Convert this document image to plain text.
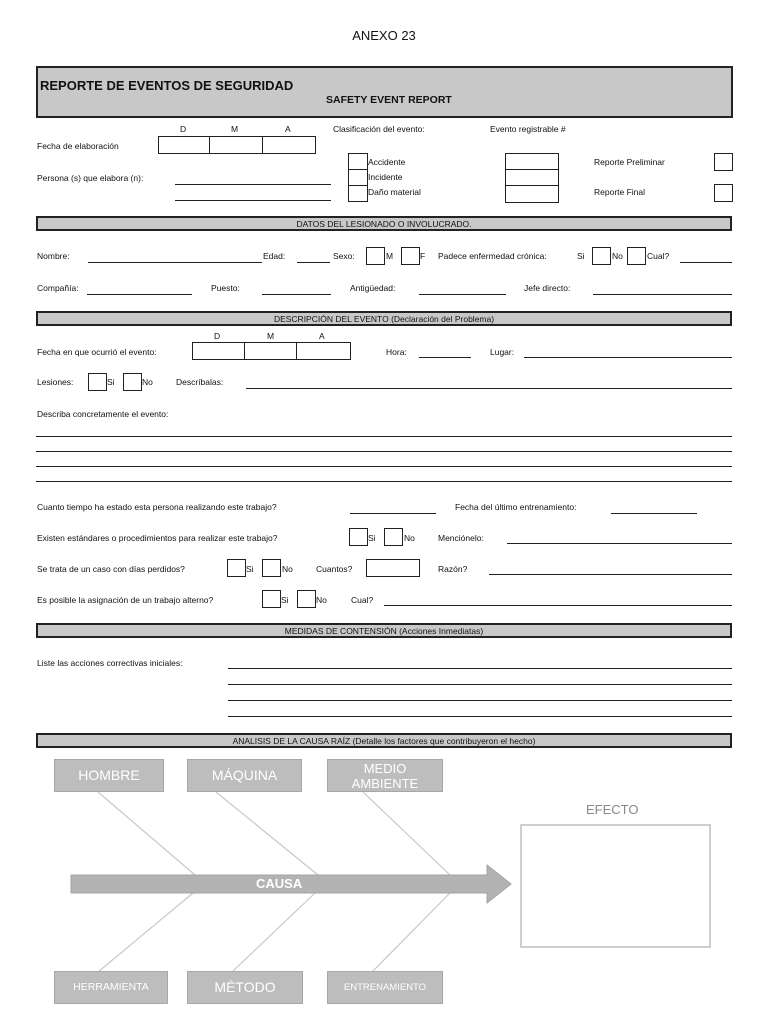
ANEXO 23
REPORTE DE EVENTOS DE SEGURIDAD
SAFETY EVENT REPORT
D	M	A
Fecha de elaboración
Persona (s) que elabora (n):
Clasificación del evento:	Evento registrable #
Accidente
Incidente
Daño material
Reporte Preliminar
Reporte Final
DATOS DEL LESIONADO O INVOLUCRADO.
Nombre:	Edad:	Sexo:	M	F Padece enfermedad crónica:	Si	No	Cual?
Compañía:	Puesto:	Antigüedad:	Jefe directo:
DESCRIPCIÓN DEL EVENTO (Declaración del Problema)
D	M	A
Fecha en que ocurrió el evento:	Hora:	Lugar:
Lesiones:	Si	No	Descríbalas:
Describa concretamente el evento:
Cuanto tiempo ha estado esta persona realizando este trabajo?	Fecha del último entrenamiento:
Existen estándares o procedimientos para realizar este trabajo?	Si	No	Menciónelo:
Se trata de un caso con días perdidos?	Si	No	Cuantos?	Razón?
Es posible la asignación de un trabajo alterno?	Si	No	Cual?
MEDIDAS DE CONTENSIÓN (Acciones Inmediatas)
Liste las acciones correctivas iniciales:
ANALISIS DE LA CAUSA RAÍZ (Detalle los factores que contribuyeron el hecho)
CAUSA
EFECTO
HOMBRE	MÁQUINA	MEDIO
AMBIENTE
HERRAMIENTA	MÉTODO	ENTRENAMIENTO
